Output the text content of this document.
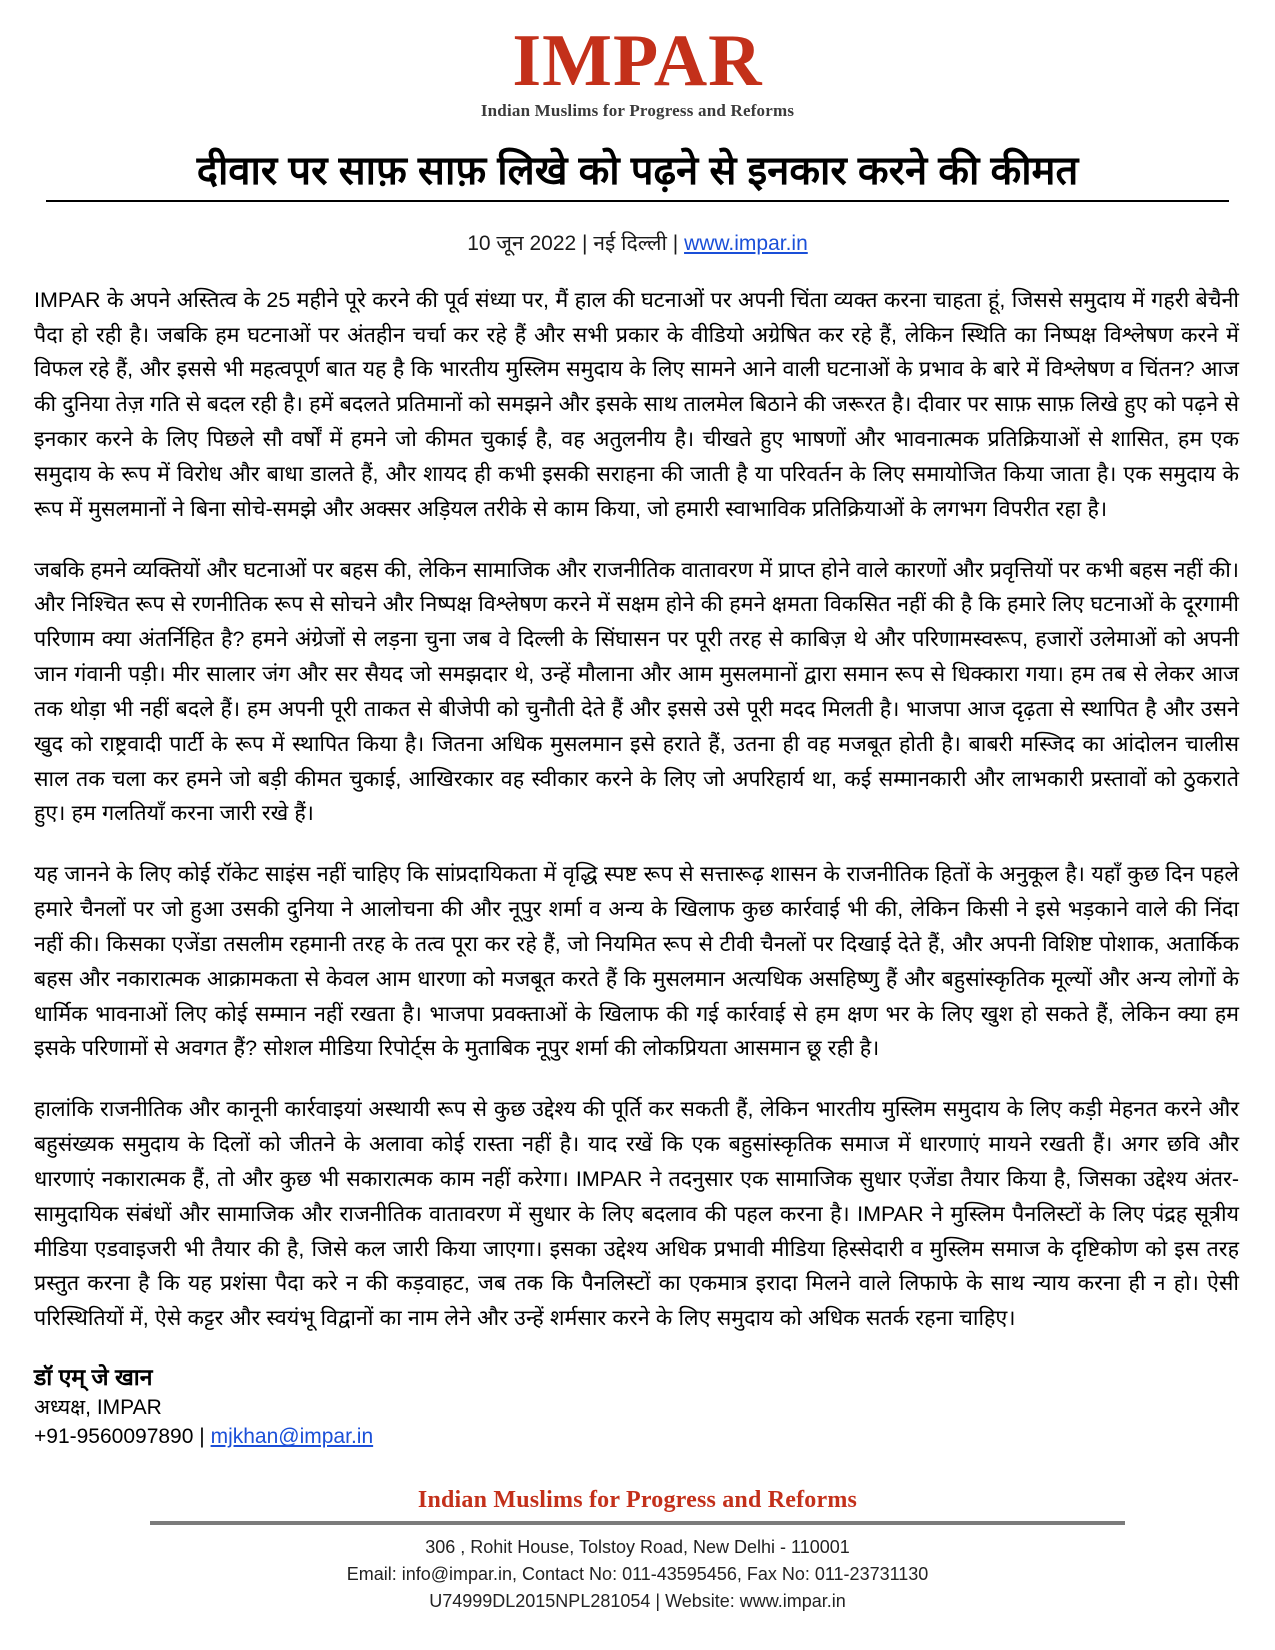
IMPAR
Indian Muslims for Progress and Reforms
दीवार पर साफ़ साफ़ लिखे को पढ़ने से इनकार करने की कीमत
10 जून 2022 | नई दिल्ली | www.impar.in

IMPAR के अपने अस्तित्व के 25 महीने पूरे करने की पूर्व संध्या पर, मैं हाल की घटनाओं पर अपनी चिंता व्यक्त करना चाहता हूं, जिससे समुदाय में गहरी बेचैनी पैदा हो रही है। जबकि हम घटनाओं पर अंतहीन चर्चा कर रहे हैं और सभी प्रकार के वीडियो अग्रेषित कर रहे हैं, लेकिन स्थिति का निष्पक्ष विश्लेषण करने में विफल रहे हैं, और इससे भी महत्वपूर्ण बात यह है कि भारतीय मुस्लिम समुदाय के लिए सामने आने वाली घटनाओं के प्रभाव के बारे में विश्लेषण व चिंतन? आज की दुनिया तेज़ गति से बदल रही है। हमें बदलते प्रतिमानों को समझने और इसके साथ तालमेल बिठाने की जरूरत है। दीवार पर साफ़ साफ़ लिखे हुए को पढ़ने से इनकार करने के लिए पिछले सौ वर्षों में हमने जो कीमत चुकाई है, वह अतुलनीय है। चीखते हुए भाषणों और भावनात्मक प्रतिक्रियाओं से शासित, हम एक समुदाय के रूप में विरोध और बाधा डालते हैं, और शायद ही कभी इसकी सराहना की जाती है या परिवर्तन के लिए समायोजित किया जाता है। एक समुदाय के रूप में मुसलमानों ने बिना सोचे-समझे और अक्सर अड़ियल तरीके से काम किया, जो हमारी स्वाभाविक प्रतिक्रियाओं के लगभग विपरीत रहा है।

जबकि हमने व्यक्तियों और घटनाओं पर बहस की, लेकिन सामाजिक और राजनीतिक वातावरण में प्राप्त होने वाले कारणों और प्रवृत्तियों पर कभी बहस नहीं की। और निश्चित रूप से रणनीतिक रूप से सोचने और निष्पक्ष विश्लेषण करने में सक्षम होने की हमने क्षमता विकसित नहीं की है कि हमारे लिए घटनाओं के दूरगामी परिणाम क्या अंतर्निहित है? हमने अंग्रेजों से लड़ना चुना जब वे दिल्ली के सिंघासन पर पूरी तरह से काबिज़ थे और परिणामस्वरूप, हजारों उलेमाओं को अपनी जान गंवानी पड़ी। मीर सालार जंग और सर सैयद जो समझदार थे, उन्हें मौलाना और आम मुसलमानों द्वारा समान रूप से धिक्कारा गया। हम तब से लेकर आज तक थोड़ा भी नहीं बदले हैं। हम अपनी पूरी ताकत से बीजेपी को चुनौती देते हैं और इससे उसे पूरी मदद मिलती है। भाजपा आज दृढ़ता से स्थापित है और उसने खुद को राष्ट्रवादी पार्टी के रूप में स्थापित किया है। जितना अधिक मुसलमान इसे हराते हैं, उतना ही वह मजबूत होती है। बाबरी मस्जिद का आंदोलन चालीस साल तक चला कर हमने जो बड़ी कीमत चुकाई, आखिरकार वह स्वीकार करने के लिए जो अपरिहार्य था, कई सम्मानकारी और लाभकारी प्रस्तावों को ठुकराते हुए। हम गलतियाँ करना जारी रखे हैं।

यह जानने के लिए कोई रॉकेट साइंस नहीं चाहिए कि सांप्रदायिकता में वृद्धि स्पष्ट रूप से सत्तारूढ़ शासन के राजनीतिक हितों के अनुकूल है। यहाँ कुछ दिन पहले हमारे चैनलों पर जो हुआ उसकी दुनिया ने आलोचना की और नूपुर शर्मा व अन्य के खिलाफ कुछ कार्रवाई भी की, लेकिन किसी ने इसे भड़काने वाले की निंदा नहीं की। किसका एजेंडा तसलीम रहमानी तरह के तत्व पूरा कर रहे हैं, जो नियमित रूप से टीवी चैनलों पर दिखाई देते हैं, और अपनी विशिष्ट पोशाक, अतार्किक बहस और नकारात्मक आक्रामकता से केवल आम धारणा को मजबूत करते हैं कि मुसलमान अत्यधिक असहिष्णु हैं और बहुसांस्कृतिक मूल्यों और अन्य लोगों के धार्मिक भावनाओं लिए कोई सम्मान नहीं रखता है। भाजपा प्रवक्ताओं के खिलाफ की गई कार्रवाई से हम क्षण भर के लिए खुश हो सकते हैं, लेकिन क्या हम इसके परिणामों से अवगत हैं? सोशल मीडिया रिपोर्ट्स के मुताबिक नूपुर शर्मा की लोकप्रियता आसमान छू रही है।

हालांकि राजनीतिक और कानूनी कार्रवाइयां अस्थायी रूप से कुछ उद्देश्य की पूर्ति कर सकती हैं, लेकिन भारतीय मुस्लिम समुदाय के लिए कड़ी मेहनत करने और बहुसंख्यक समुदाय के दिलों को जीतने के अलावा कोई रास्ता नहीं है। याद रखें कि एक बहुसांस्कृतिक समाज में धारणाएं मायने रखती हैं। अगर छवि और धारणाएं नकारात्मक हैं, तो और कुछ भी सकारात्मक काम नहीं करेगा। IMPAR ने तदनुसार एक सामाजिक सुधार एजेंडा तैयार किया है, जिसका उद्देश्य अंतर-सामुदायिक संबंधों और सामाजिक और राजनीतिक वातावरण में सुधार के लिए बदलाव की पहल करना है। IMPAR ने मुस्लिम पैनलिस्टों के लिए पंद्रह सूत्रीय मीडिया एडवाइजरी भी तैयार की है, जिसे कल जारी किया जाएगा। इसका उद्देश्य अधिक प्रभावी मीडिया हिस्सेदारी व मुस्लिम समाज के दृष्टिकोण को इस तरह प्रस्तुत करना है कि यह प्रशंसा पैदा करे न की कड़वाहट, जब तक कि पैनलिस्टों का एकमात्र इरादा मिलने वाले लिफाफे के साथ न्याय करना ही न हो। ऐसी परिस्थितियों में, ऐसे कट्टर और स्वयंभू विद्वानों का नाम लेने और उन्हें शर्मसार करने के लिए समुदाय को अधिक सतर्क रहना चाहिए।

डॉ एम् जे खान
अध्यक्ष, IMPAR
+91-9560097890 | mjkhan@impar.in
Indian Muslims for Progress and Reforms
306 , Rohit House, Tolstoy Road, New Delhi - 110001
Email: info@impar.in, Contact No: 011-43595456, Fax No: 011-23731130
U74999DL2015NPL281054 | Website: www.impar.in
